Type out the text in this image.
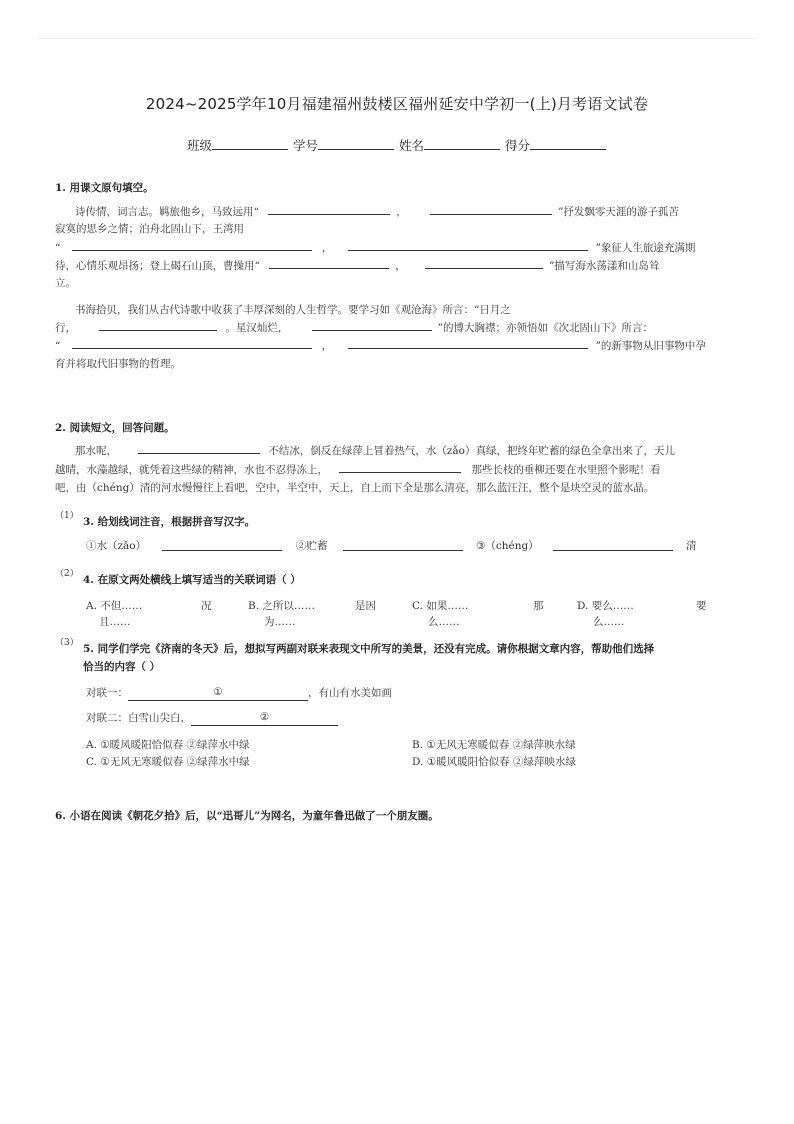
2024~2025学年10月福建福州鼓楼区福州延安中学初一(上)月考语文试卷
班级	学号	姓名	得分
1. 用课文原句填空。
诗传情，词言志。羁旅他乡，马致远用“	，	”抒发飘零天涯的游子孤苦
寂寞的思乡之情；泊舟北固山下，王湾用
“	，	”象征人生旅途充满期
待，心情乐观昂扬；登上碣石山顶，曹操用“	，	”描写海水荡漾和山岛耸
立。
书海拾贝，我们从古代诗歌中收获了丰厚深刻的人生哲学。要学习如《观沧海》所言：“日月之
行，	。星汉灿烂，	”的博大胸襟；亦领悟如《次北固山下》所言：
“	，	”的新事物从旧事物中孕
育并将取代旧事物的哲理。
2. 阅读短文，回答问题。
那水呢，	不结冰，倒反在绿萍上冒着热气，水（zǎo）真绿，把终年贮蓄的绿色全拿出来了，天儿
越晴，水藻越绿，就凭着这些绿的精神，水也不忍得冻上，	那些长枝的垂柳还要在水里照个影呢！看
吧，由（chéng）清的河水慢慢往上看吧，空中，半空中，天上，自上而下全是那么清亮，那么蓝汪汪，整个是块空灵的蓝水晶。
（1） 3. 给划线词注音，根据拼音写汉字。
①水（zǎo）	②贮蓄	③（chéng）	清
（2） 4. 在原文两处横线上填写适当的关联词语（ ）
A. 不但……	况
且……
B. 之所以……	是因
为……
C. 如果……	那
么……
D. 要么……	要
么……
（3） 5. 同学们学完《济南的冬天》后，想拟写两副对联来表现文中所写的美景，还没有完成。请你根据文章内容，帮助他们选择
恰当的内容（ ）
对联一：	①	，有山有水美如画
对联二：白雪山尖白，	②
A. ①暖风暖阳恰似春 ②绿萍水中绿	B. ①无风无寒暖似春 ②绿萍映水绿
C. ①无风无寒暖似春 ②绿萍水中绿	D. ①暖风暖阳恰似春 ②绿萍映水绿
6. 小语在阅读《朝花夕拾》后，以“迅哥儿”为网名，为童年鲁迅做了一个朋友圈。
